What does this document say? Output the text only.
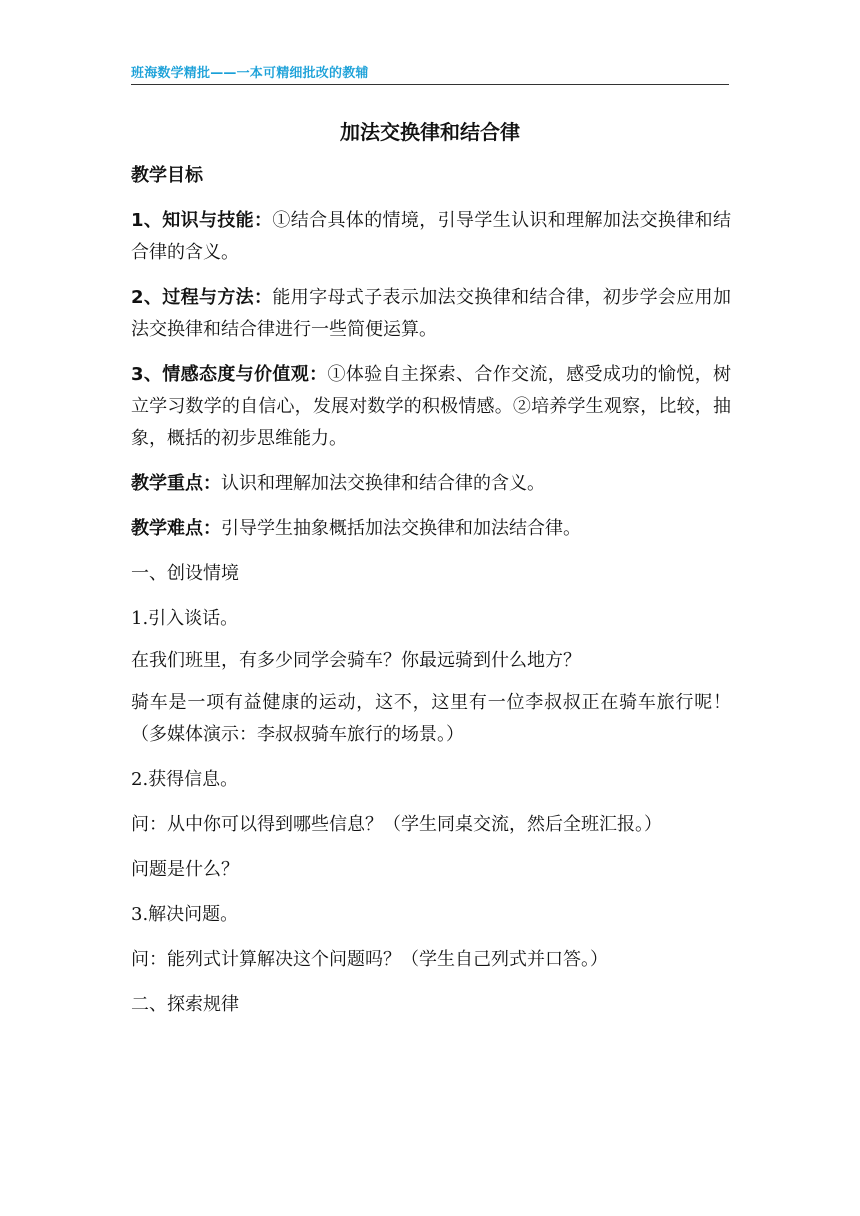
班海数学精批——一本可精细批改的教辅
加法交换律和结合律

教学目标

1、知识与技能：①结合具体的情境，引导学生认识和理解加法交换律和结合律的含义。

2、过程与方法：能用字母式子表示加法交换律和结合律，初步学会应用加法交换律和结合律进行一些简便运算。

3、情感态度与价值观：①体验自主探索、合作交流，感受成功的愉悦，树立学习数学的自信心，发展对数学的积极情感。②培养学生观察，比较，抽象，概括的初步思维能力。

教学重点：认识和理解加法交换律和结合律的含义。

教学难点：引导学生抽象概括加法交换律和加法结合律。

一、创设情境

1.引入谈话。

在我们班里，有多少同学会骑车？你最远骑到什么地方？

骑车是一项有益健康的运动，这不，这里有一位李叔叔正在骑车旅行呢！（多媒体演示：李叔叔骑车旅行的场景。）

2.获得信息。

问：从中你可以得到哪些信息？（学生同桌交流，然后全班汇报。）

问题是什么？

3.解决问题。

问：能列式计算解决这个问题吗？（学生自己列式并口答。）

二、探索规律
